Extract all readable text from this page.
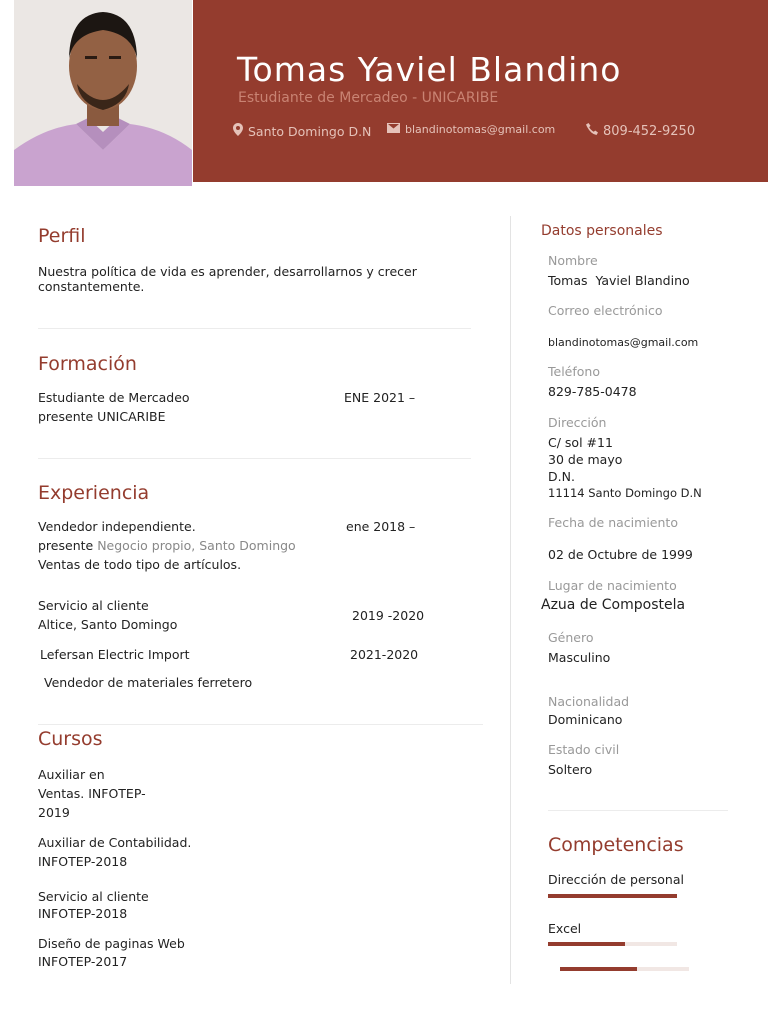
Tomas Yaviel Blandino
Estudiante de Mercadeo - UNICARIBE
Santo Domingo D.N	blandinotomas@gmail.com	809-452-9250
Perfil
Nuestra política de vida es aprender, desarrollarnos y crecer constantemente.
Formación
Estudiante de Mercadeo	ENE 2021 –
presente UNICARIBE
Experiencia
Vendedor independiente.	ene 2018 –
presente Negocio propio, Santo Domingo
Ventas de todo tipo de artículos.
Servicio al cliente
Altice, Santo Domingo
2019 -2020
Lefersan Electric Import	2021-2020
Vendedor de materiales ferretero
Cursos
Auxiliar en
Ventas. INFOTEP-
2019
Auxiliar de Contabilidad.
INFOTEP-2018
Servicio al cliente
INFOTEP-2018
Diseño de paginas Web
INFOTEP-2017
Datos personales
Nombre
Tomas  Yaviel Blandino
Correo electrónico
blandinotomas@gmail.com
Teléfono
829-785-0478
Dirección
C/ sol #11
30 de mayo
D.N.
11114 Santo Domingo D.N
Fecha de nacimiento
02 de Octubre de 1999
Lugar de nacimiento
Azua de Compostela
Género
Masculino
Nacionalidad
Dominicano
Estado civil
Soltero
Competencias
Dirección de personal
Excel
